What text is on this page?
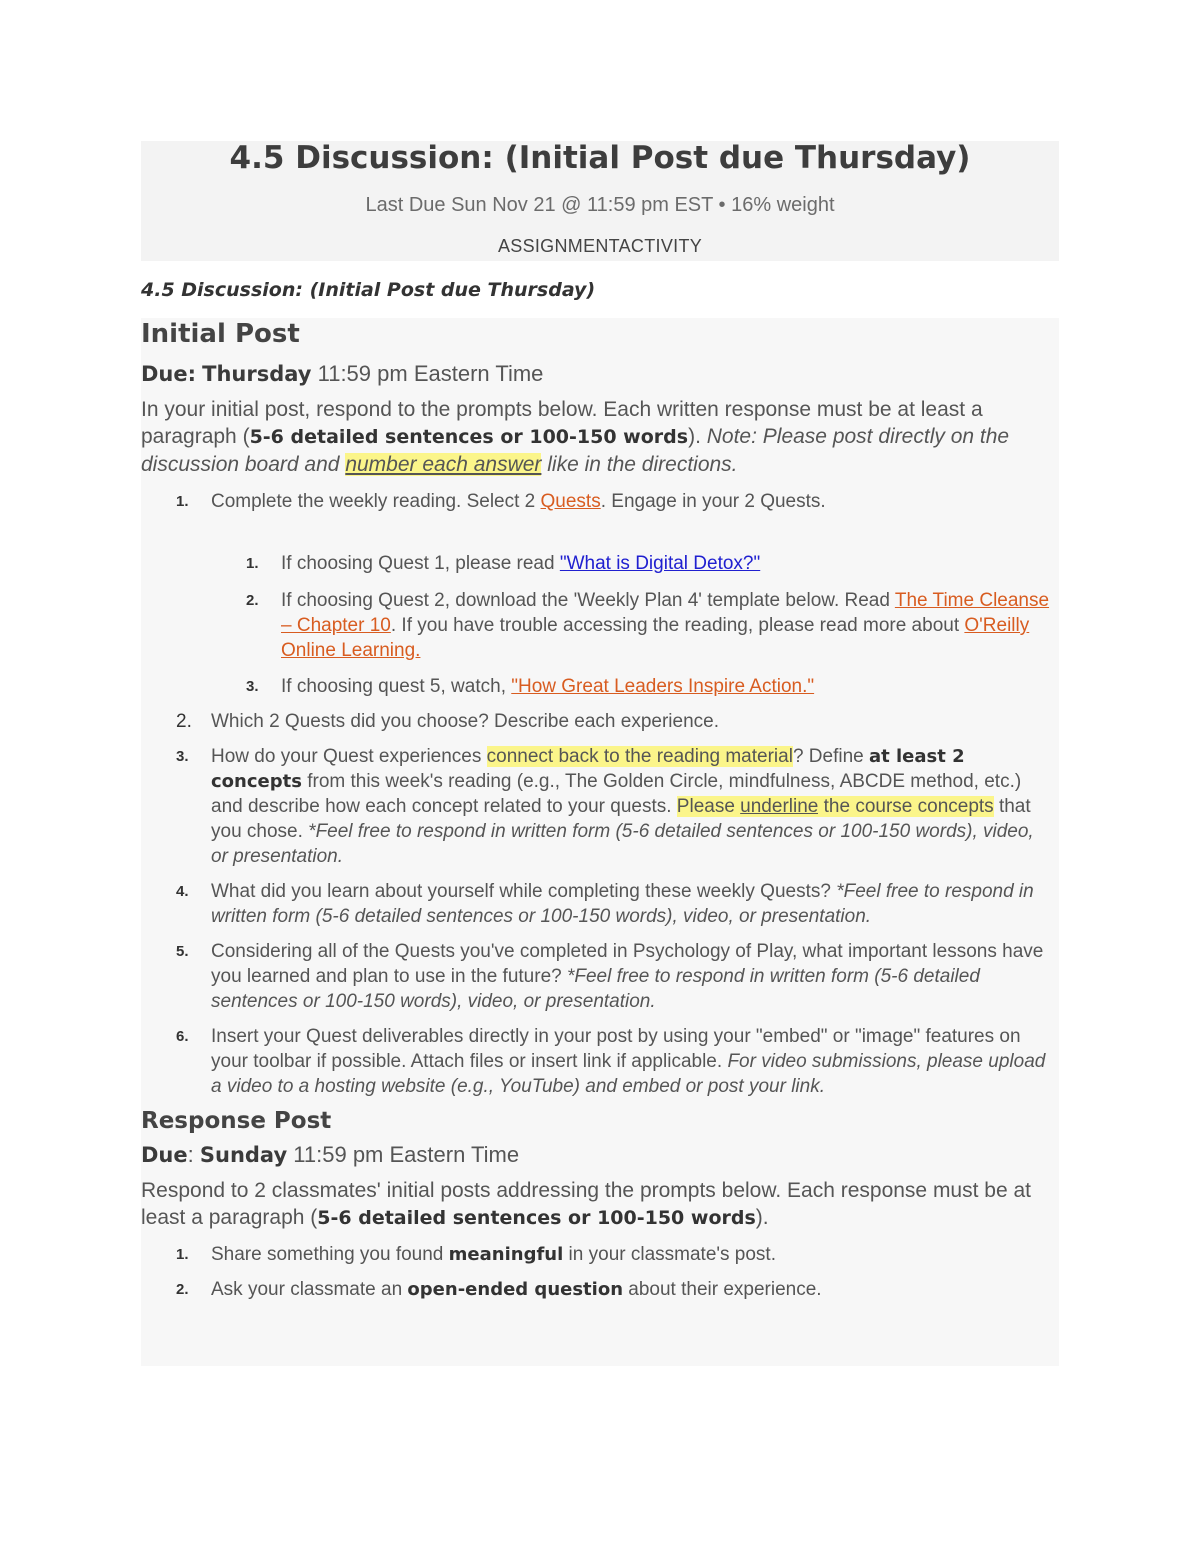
4.5 Discussion: (Initial Post due Thursday)
Last Due Sun Nov 21 @ 11:59 pm EST • 16% weight
ASSIGNMENTACTIVITY
4.5 Discussion: (Initial Post due Thursday)
Initial Post
Due: Thursday 11:59 pm Eastern Time

In your initial post, respond to the prompts below. Each written response must be at least a paragraph (5-6 detailed sentences or 100-150 words). Note: Please post directly on the discussion board and number each answer like in the directions.

1.	Complete the weekly reading. Select 2 Quests. Engage in your 2 Quests.
1.	If choosing Quest 1, please read "What is Digital Detox?"
2.	If choosing Quest 2, download the 'Weekly Plan 4' template below. Read The Time Cleanse – Chapter 10. If you have trouble accessing the reading, please read more about O'Reilly Online Learning.
3.	If choosing quest 5, watch, "How Great Leaders Inspire Action."
2.	Which 2 Quests did you choose? Describe each experience.
3.	How do your Quest experiences connect back to the reading material? Define at least 2 concepts from this week's reading (e.g., The Golden Circle, mindfulness, ABCDE method, etc.) and describe how each concept related to your quests. Please underline the course concepts that you chose. *Feel free to respond in written form (5-6 detailed sentences or 100-150 words), video, or presentation.
4.	What did you learn about yourself while completing these weekly Quests? *Feel free to respond in written form (5-6 detailed sentences or 100-150 words), video, or presentation.
5.	Considering all of the Quests you've completed in Psychology of Play, what important lessons have you learned and plan to use in the future? *Feel free to respond in written form (5-6 detailed sentences or 100-150 words), video, or presentation.
6.	Insert your Quest deliverables directly in your post by using your "embed" or "image" features on your toolbar if possible. Attach files or insert link if applicable. For video submissions, please upload a video to a hosting website (e.g., YouTube) and embed or post your link.
Response Post
Due: Sunday 11:59 pm Eastern Time

Respond to 2 classmates' initial posts addressing the prompts below. Each response must be at least a paragraph (5-6 detailed sentences or 100-150 words).

1.	Share something you found meaningful in your classmate's post.
2.	Ask your classmate an open-ended question about their experience.
